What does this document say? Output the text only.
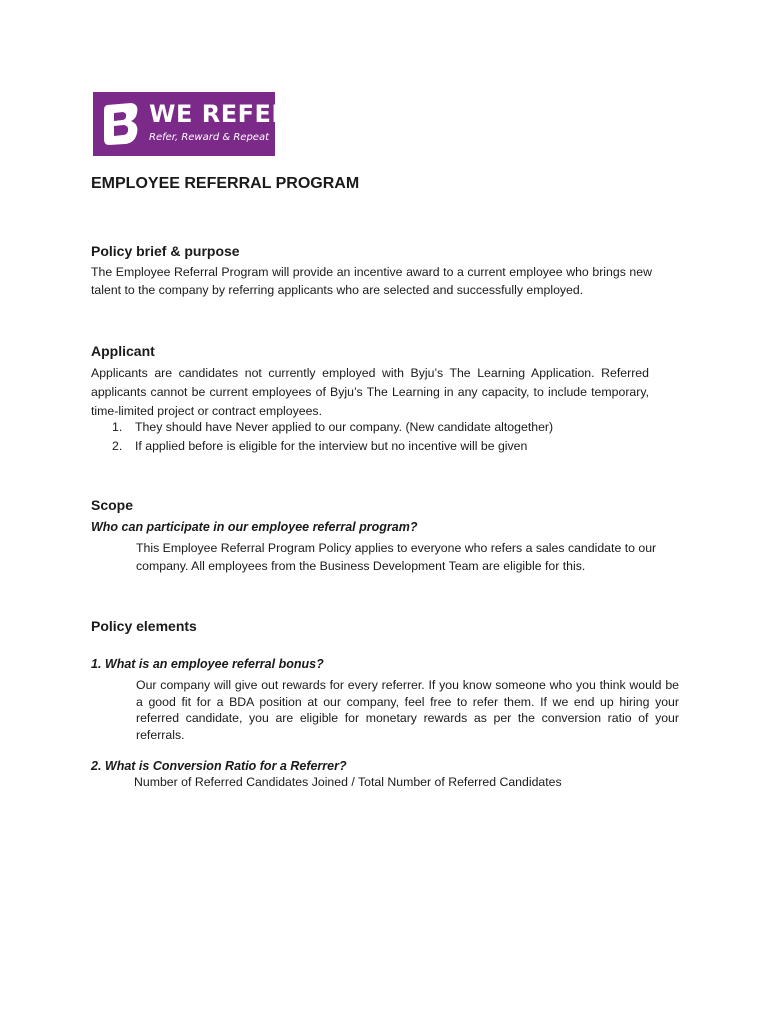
WE REFER
Refer, Reward & Repeat
EMPLOYEE REFERRAL PROGRAM
Policy brief & purpose
The Employee Referral Program will provide an incentive award to a current employee who brings new talent to the company by referring applicants who are selected and successfully employed.
Applicant
Applicants are candidates not currently employed with Byju’s The Learning Application. Referred applicants cannot be current employees of Byju’s The Learning in any capacity, to include temporary, time-limited project or contract employees.
1. They should have Never applied to our company. (New candidate altogether)
2. If applied before is eligible for the interview but no incentive will be given
Scope
Who can participate in our employee referral program?
This Employee Referral Program Policy applies to everyone who refers a sales candidate to our company. All employees from the Business Development Team are eligible for this.
Policy elements
1. What is an employee referral bonus?
Our company will give out rewards for every referrer. If you know someone who you think would be a good fit for a BDA position at our company, feel free to refer them. If we end up hiring your referred candidate, you are eligible for monetary rewards as per the conversion ratio of your referrals.
2. What is Conversion Ratio for a Referrer?
Number of Referred Candidates Joined / Total Number of Referred Candidates
